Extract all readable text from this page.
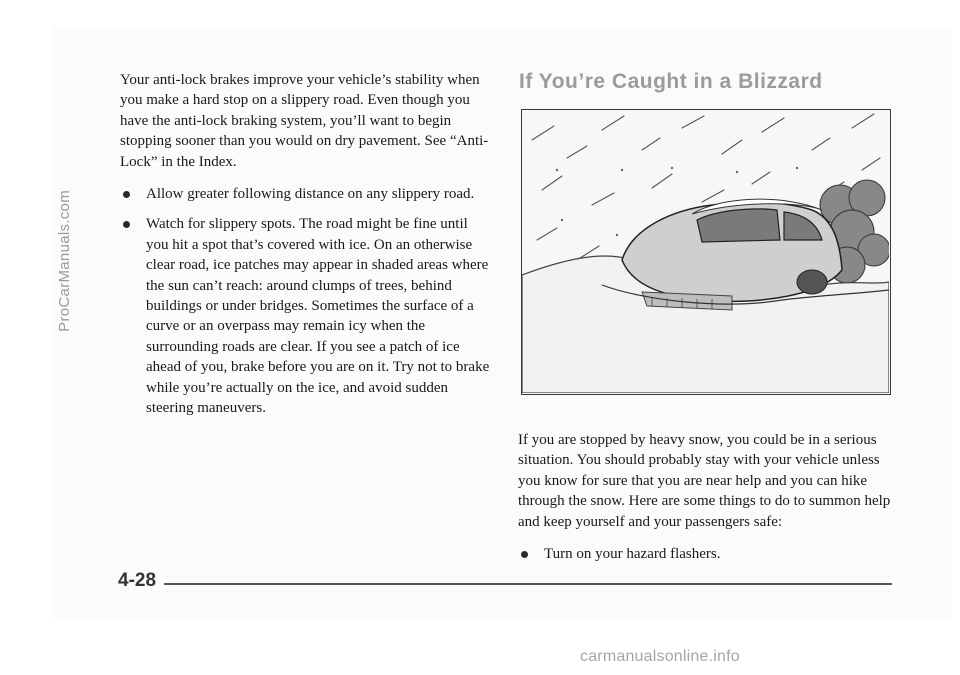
ProCarManuals.com

Your anti-lock brakes improve your vehicle’s stability when you make a hard stop on a slippery road. Even though you have the anti-lock braking system, you’ll want to begin stopping sooner than you would on dry pavement. See “Anti-Lock” in the Index.

Allow greater following distance on any slippery road.
Watch for slippery spots. The road might be fine until you hit a spot that’s covered with ice. On an otherwise clear road, ice patches may appear in shaded areas where the sun can’t reach: around clumps of trees, behind buildings or under bridges. Sometimes the surface of a curve or an overpass may remain icy when the surrounding roads are clear. If you see a patch of ice ahead of you, brake before you are on it. Try not to brake while you’re actually on the ice, and avoid sudden steering maneuvers.
If You’re Caught in a Blizzard

If you are stopped by heavy snow, you could be in a serious situation. You should probably stay with your vehicle unless you know for sure that you are near help and you can hike through the snow. Here are some things to do to summon help and keep yourself and your passengers safe:

Turn on your hazard flashers.
4-28
carmanualsonline.info
